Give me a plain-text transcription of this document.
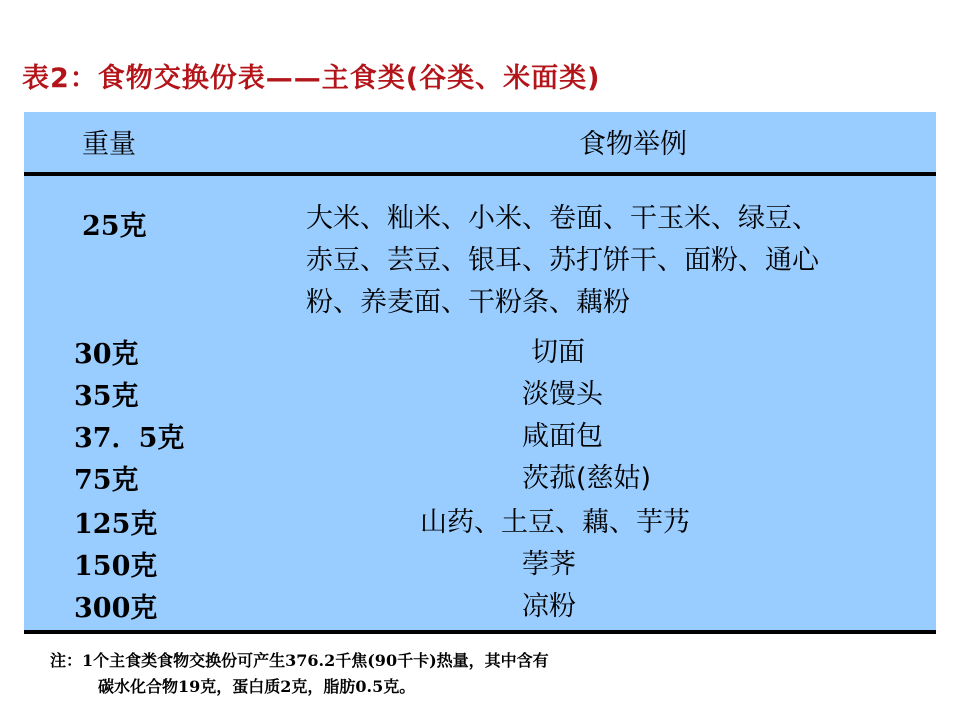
表2：食物交换份表——主食类(谷类、米面类)
重量	食物举例
25克	大米、籼米、小米、卷面、干玉米、绿豆、
赤豆、芸豆、银耳、苏打饼干、面粉、通心
粉、养麦面、干粉条、藕粉
30克	切面
35克	淡馒头
37．5克	咸面包
75克	茨菰(慈姑)
125克	山药、土豆、藕、芋艿
150克	荸荠
300克	凉粉
注：1个主食类食物交换份可产生376.2千焦(90千卡)热量，其中含有
碳水化合物19克，蛋白质2克，脂肪0.5克。
